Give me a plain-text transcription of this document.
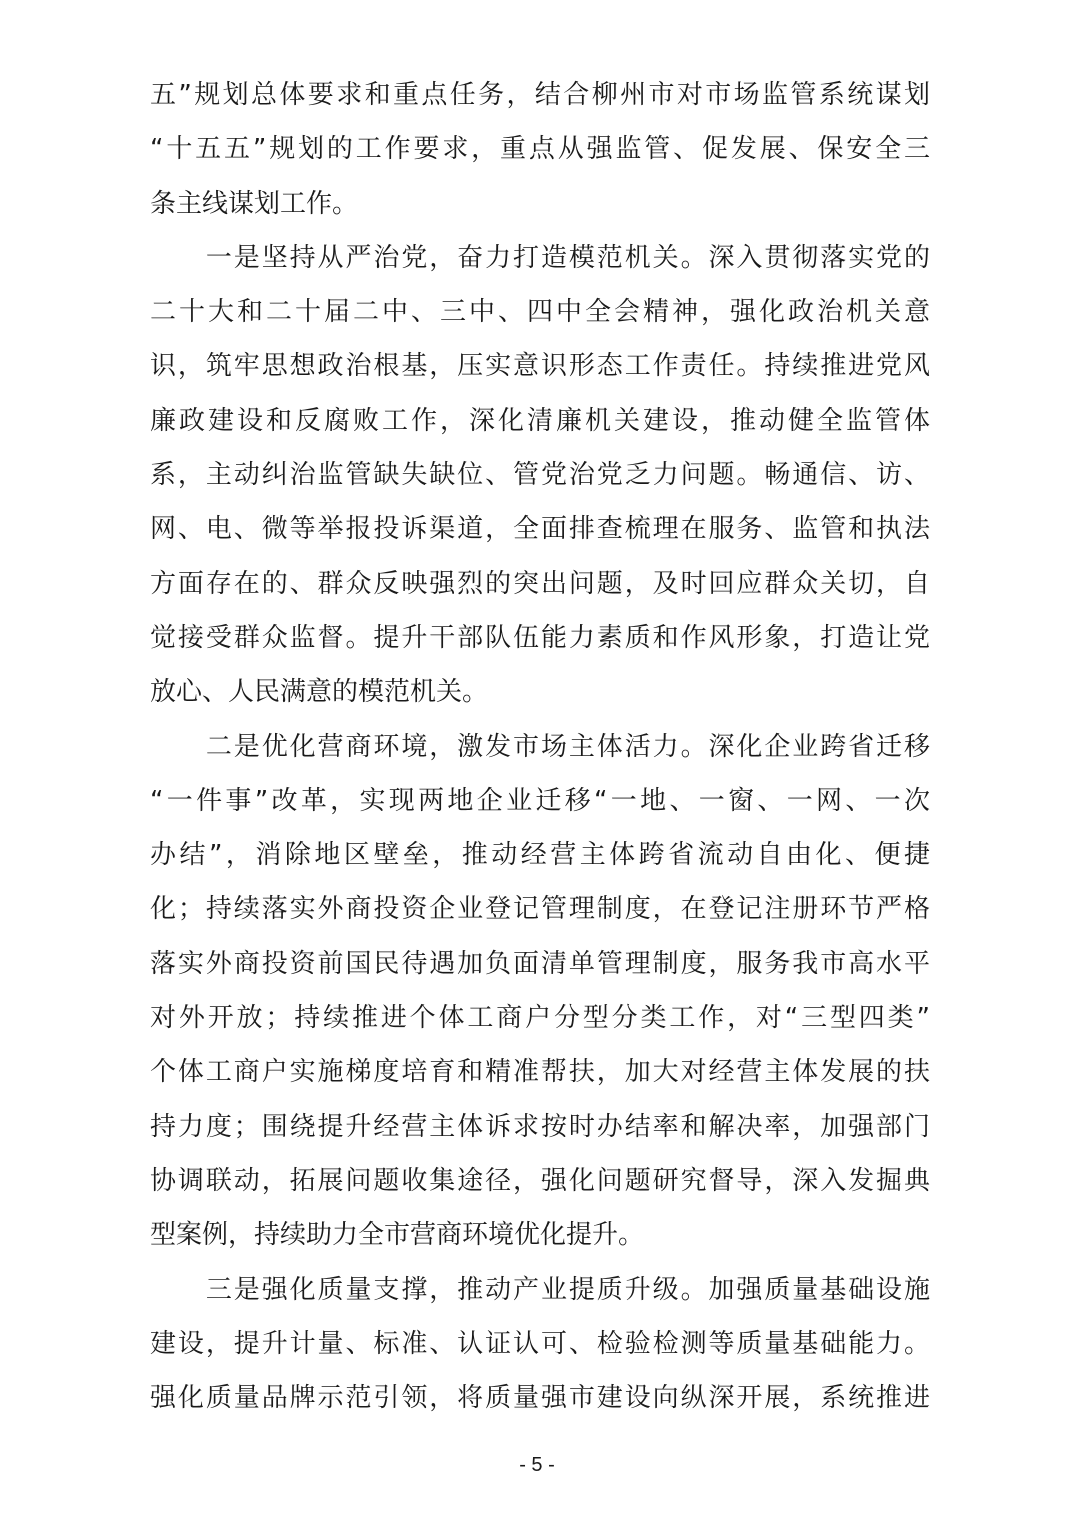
五”规划总体要求和重点任务，结合柳州市对市场监管系统谋划
“十五五”规划的工作要求，重点从强监管、促发展、保安全三
条主线谋划工作。
　　一是坚持从严治党，奋力打造模范机关。深入贯彻落实党的
二十大和二十届二中、三中、四中全会精神，强化政治机关意
识，筑牢思想政治根基，压实意识形态工作责任。持续推进党风
廉政建设和反腐败工作，深化清廉机关建设，推动健全监管体
系，主动纠治监管缺失缺位、管党治党乏力问题。畅通信、访、
网、电、微等举报投诉渠道，全面排查梳理在服务、监管和执法
方面存在的、群众反映强烈的突出问题，及时回应群众关切，自
觉接受群众监督。提升干部队伍能力素质和作风形象，打造让党
放心、人民满意的模范机关。
　　二是优化营商环境，激发市场主体活力。深化企业跨省迁移
“一件事”改革，实现两地企业迁移“一地、一窗、一网、一次
办结”，消除地区壁垒，推动经营主体跨省流动自由化、便捷
化；持续落实外商投资企业登记管理制度，在登记注册环节严格
落实外商投资前国民待遇加负面清单管理制度，服务我市高水平
对外开放；持续推进个体工商户分型分类工作，对“三型四类”
个体工商户实施梯度培育和精准帮扶，加大对经营主体发展的扶
持力度；围绕提升经营主体诉求按时办结率和解决率，加强部门
协调联动，拓展问题收集途径，强化问题研究督导，深入发掘典
型案例，持续助力全市营商环境优化提升。
　　三是强化质量支撑，推动产业提质升级。加强质量基础设施
建设，提升计量、标准、认证认可、检验检测等质量基础能力。
强化质量品牌示范引领，将质量强市建设向纵深开展，系统推进
- 5 -
